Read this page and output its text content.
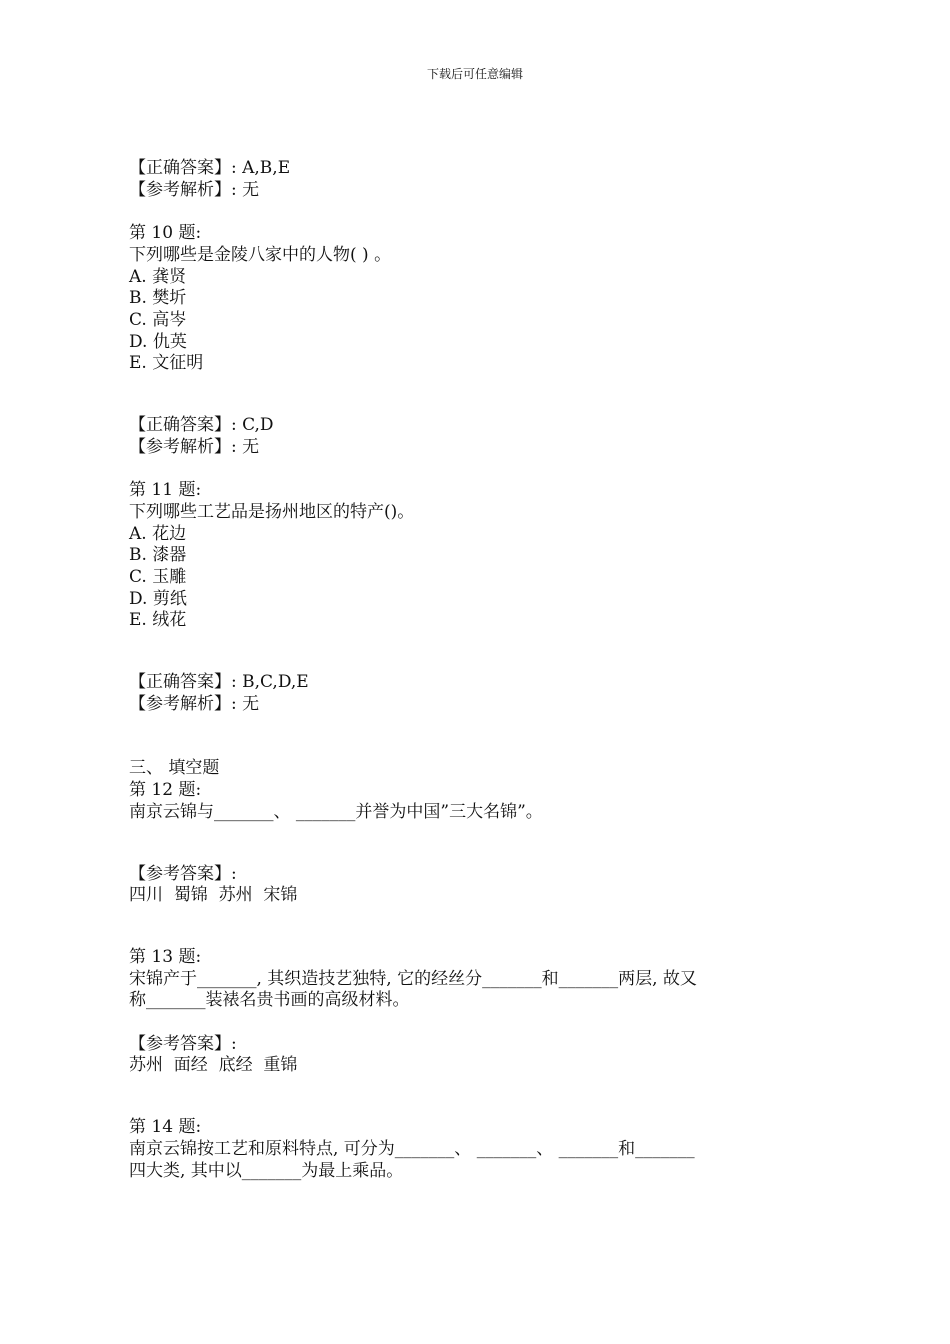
下载后可任意编辑
【正确答案】: A,B,E
【参考解析】: 无
第 10 题:
下列哪些是金陵八家中的人物( ) 。
A. 龚贤
B. 樊圻
C. 高岑
D. 仇英
E. 文征明
【正确答案】: C,D
【参考解析】: 无
第 11 题:
下列哪些工艺品是扬州地区的特产()。
A. 花边
B. 漆器
C. 玉雕
D. 剪纸
E. 绒花
【正确答案】: B,C,D,E
【参考解析】: 无
三、 填空题
第 12 题:
南京云锦与_______、 _______并誉为中国”三大名锦”。
【参考答案】:
四川  蜀锦  苏州  宋锦
第 13 题:
宋锦产于_______, 其织造技艺独特, 它的经丝分_______和_______两层, 故又
称_______装裱名贵书画的高级材料。
【参考答案】:
苏州  面经  底经  重锦
第 14 题:
南京云锦按工艺和原料特点, 可分为_______、 _______、 _______和_______
四大类, 其中以_______为最上乘品。
